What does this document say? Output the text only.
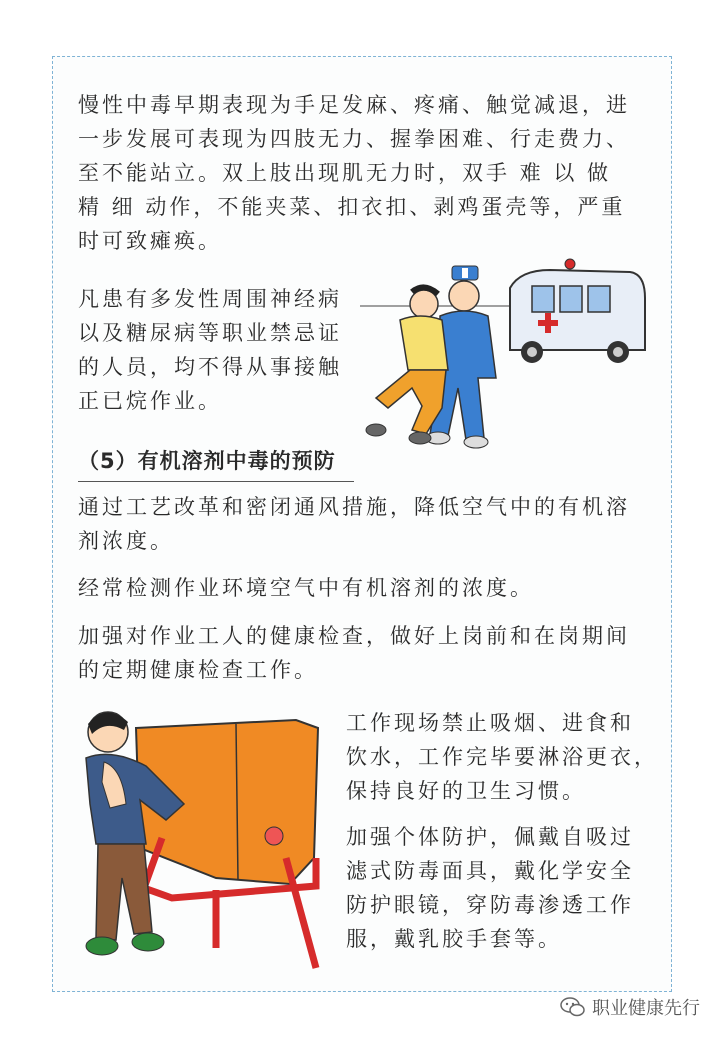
慢性中毒早期表现为手足发麻、疼痛、触觉减退，进

一步发展可表现为四肢无力、握拳困难、行走费力、

至不能站立。双上肢出现肌无力时，双手 难 以 做

精 细 动作，不能夹菜、扣衣扣、剥鸡蛋壳等，严重

时可致瘫痪。

凡患有多发性周围神经病

以及糖尿病等职业禁忌证

的人员，均不得从事接触

正已烷作业。

（5）有机溶剂中毒的预防

通过工艺改革和密闭通风措施，降低空气中的有机溶

剂浓度。

经常检测作业环境空气中有机溶剂的浓度。

加强对作业工人的健康检查，做好上岗前和在岗期间

的定期健康检查工作。

工作现场禁止吸烟、进食和

饮水，工作完毕要淋浴更衣，

保持良好的卫生习惯。

加强个体防护，佩戴自吸过

滤式防毒面具，戴化学安全

防护眼镜，穿防毒渗透工作

服，戴乳胶手套等。

职业健康先行
